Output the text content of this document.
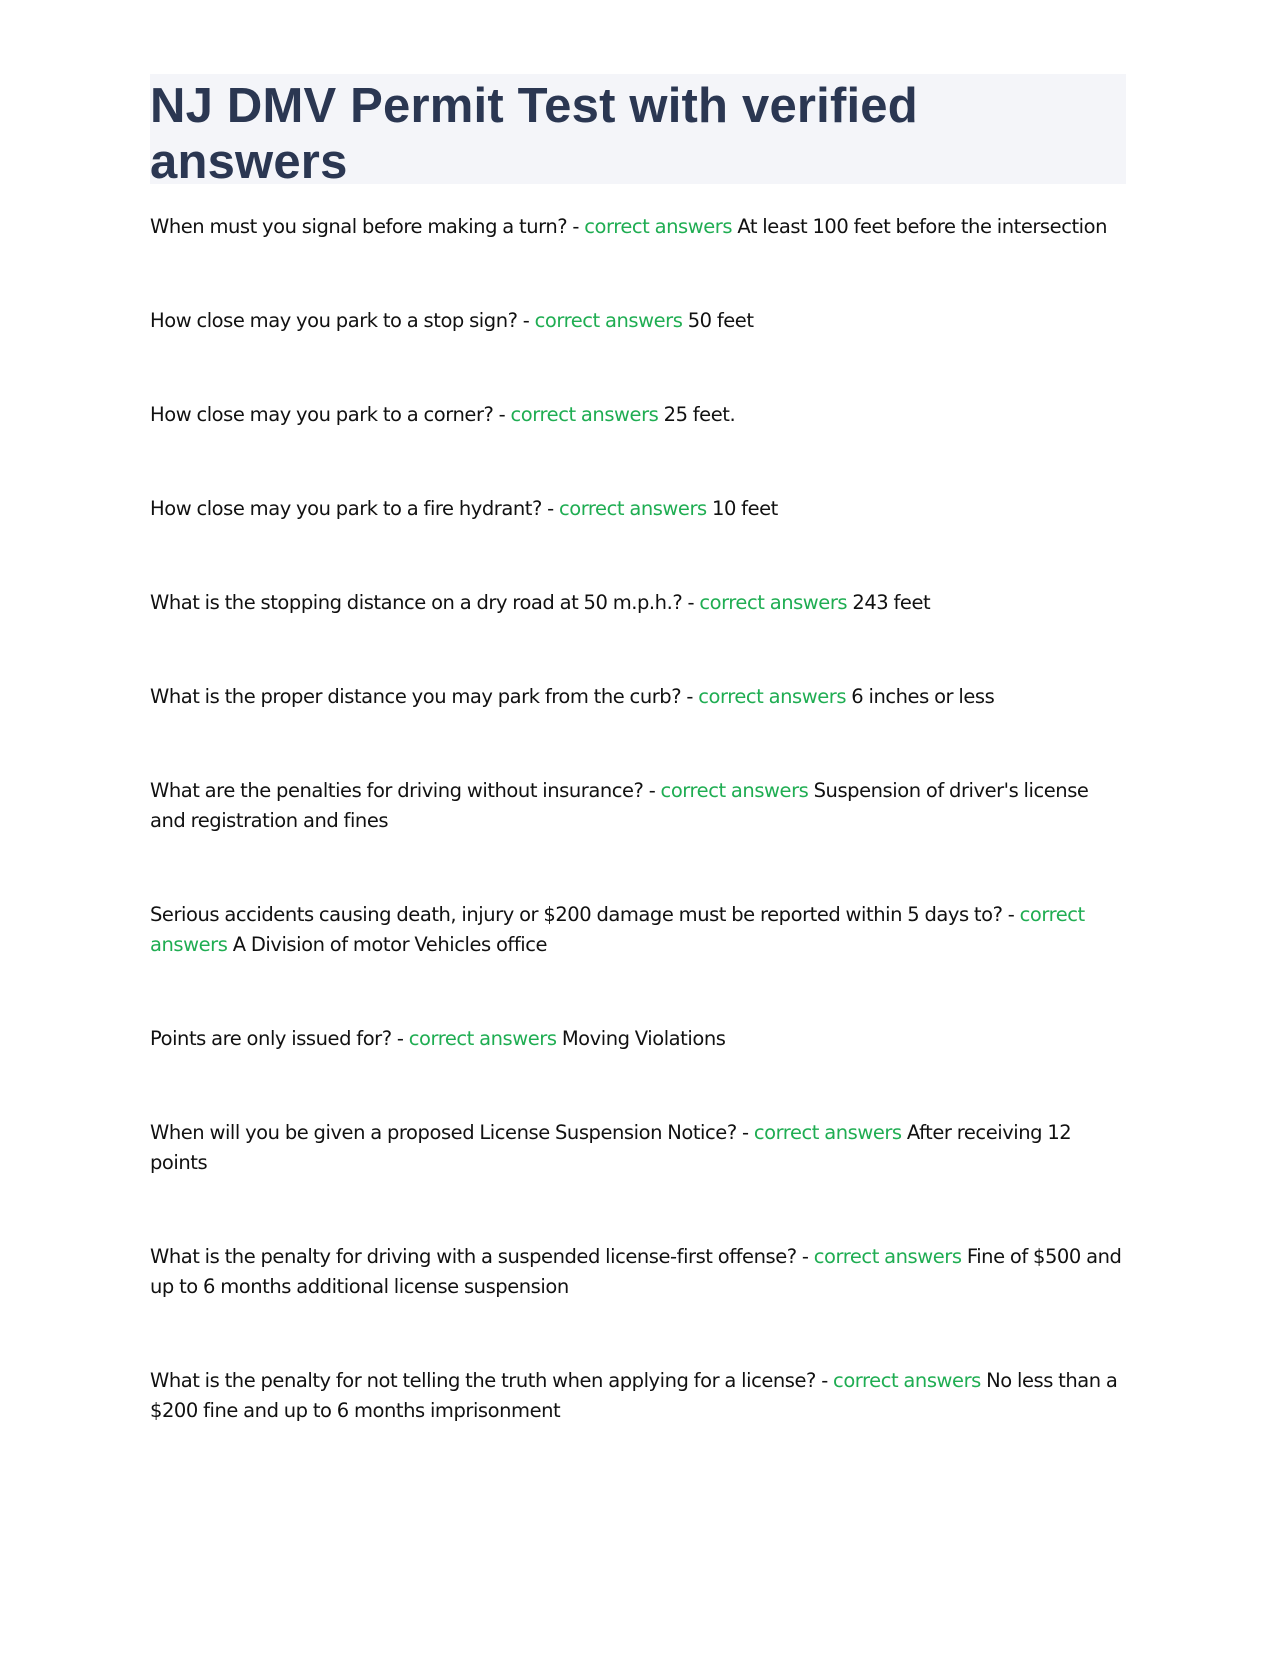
NJ DMV Permit Test with verified answers

When must you signal before making a turn? - correct answers At least 100 feet before the intersection

How close may you park to a stop sign? - correct answers 50 feet

How close may you park to a corner? - correct answers 25 feet.

How close may you park to a fire hydrant? - correct answers 10 feet

What is the stopping distance on a dry road at 50 m.p.h.? - correct answers 243 feet

What is the proper distance you may park from the curb? - correct answers 6 inches or less

What are the penalties for driving without insurance? - correct answers Suspension of driver's license and registration and fines

Serious accidents causing death, injury or $200 damage must be reported within 5 days to? - correct answers A Division of motor Vehicles office

Points are only issued for? - correct answers Moving Violations

When will you be given a proposed License Suspension Notice? - correct answers After receiving 12 points

What is the penalty for driving with a suspended license-first offense? - correct answers Fine of $500 and up to 6 months additional license suspension

What is the penalty for not telling the truth when applying for a license? - correct answers No less than a $200 fine and up to 6 months imprisonment
